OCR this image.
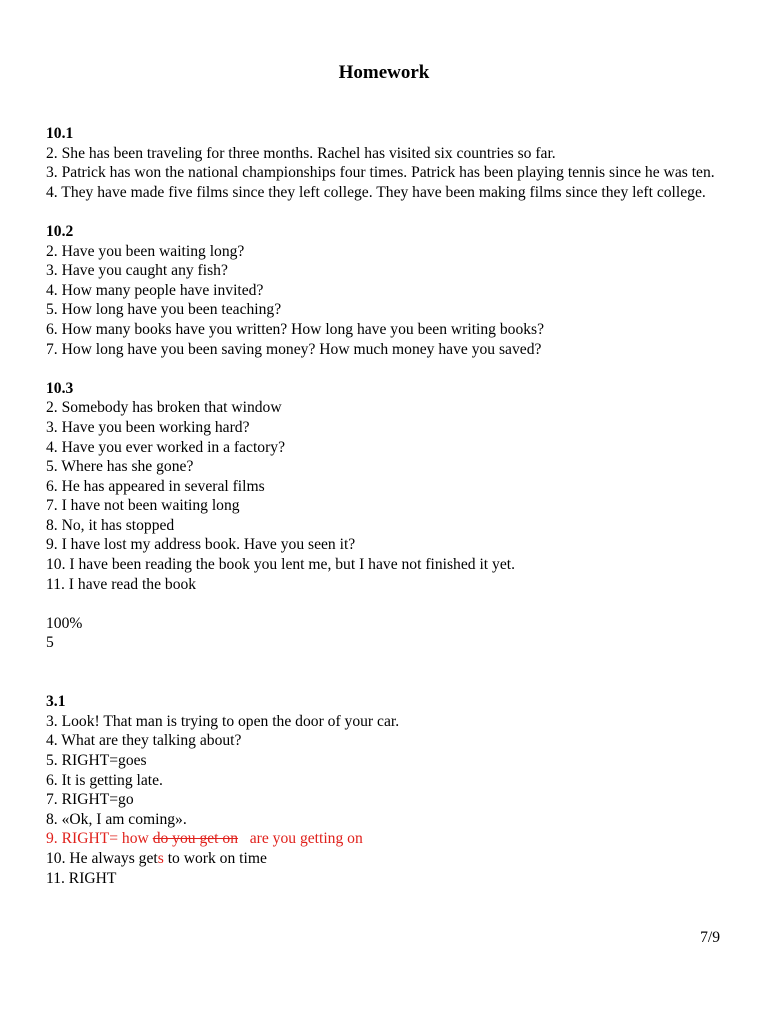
Homework

10.1

2. She has been traveling for three months. Rachel has visited six countries so far.

3. Patrick has won the national championships four times. Patrick has been playing tennis since he was ten.

4. They have made five films since they left college. They have been making films since they left college.

10.2

2. Have you been waiting long?

3. Have you caught any fish?

4. How many people have invited?

5. How long have you been teaching?

6. How many books have you written? How long have you been writing books?

7. How long have you been saving money? How much money have you saved?

10.3

2. Somebody has broken that window

3. Have you been working hard?

4. Have you ever worked in a factory?

5. Where has she gone?

6. He has appeared in several films

7. I have not been waiting long

8. No, it has stopped

9. I have lost my address book. Have you seen it?

10. I have been reading the book you lent me, but I have not finished it yet.

11. I have read the book

100%

5

3.1

3. Look! That man is trying to open the door of your car.

4. What are they talking about?

5. RIGHT=goes

6. It is getting late.

7. RIGHT=go

8. «Ok, I am coming».

9. RIGHT= how do you get on are you getting on

10. He always gets to work on time

11. RIGHT

7/9
